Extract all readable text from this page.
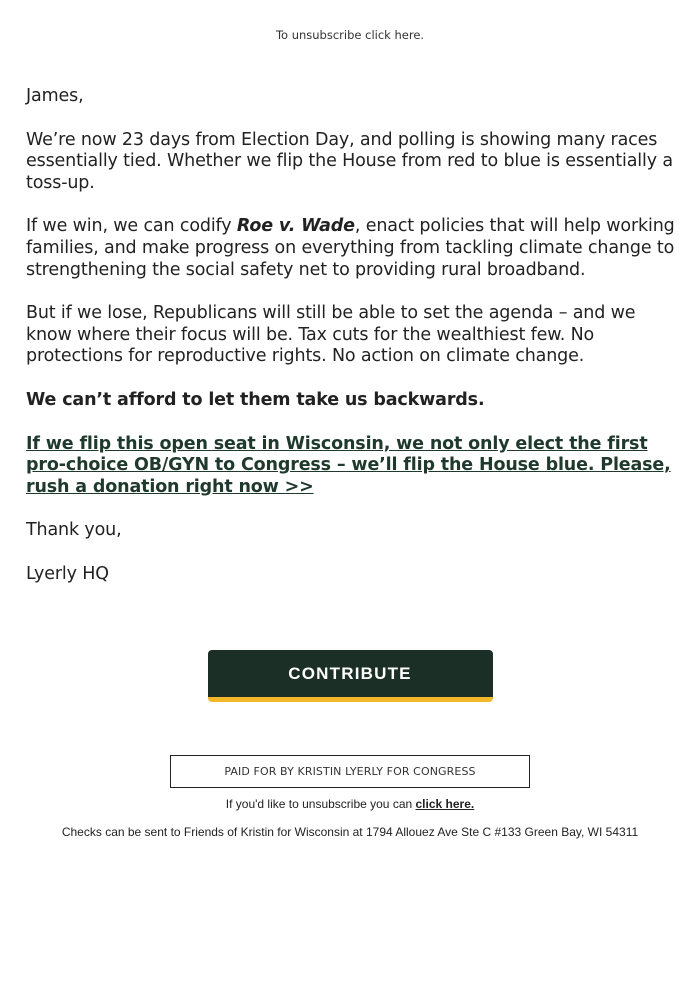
To unsubscribe click here.

James,

We’re now 23 days from Election Day, and polling is showing many races essentially tied. Whether we flip the House from red to blue is essentially a toss-up.

If we win, we can codify Roe v. Wade, enact policies that will help working families, and make progress on everything from tackling climate change to strengthening the social safety net to providing rural broadband.

But if we lose, Republicans will still be able to set the agenda – and we know where their focus will be. Tax cuts for the wealthiest few. No protections for reproductive rights. No action on climate change.

We can’t afford to let them take us backwards.

If we flip this open seat in Wisconsin, we not only elect the first pro-choice OB/GYN to Congress – we’ll flip the House blue. Please, rush a donation right now >>

Thank you,

Lyerly HQ

CONTRIBUTE
PAID FOR BY KRISTIN LYERLY FOR CONGRESS
If you'd like to unsubscribe you can click here.
Checks can be sent to Friends of Kristin for Wisconsin at 1794 Allouez Ave Ste C #133 Green Bay, WI 54311
